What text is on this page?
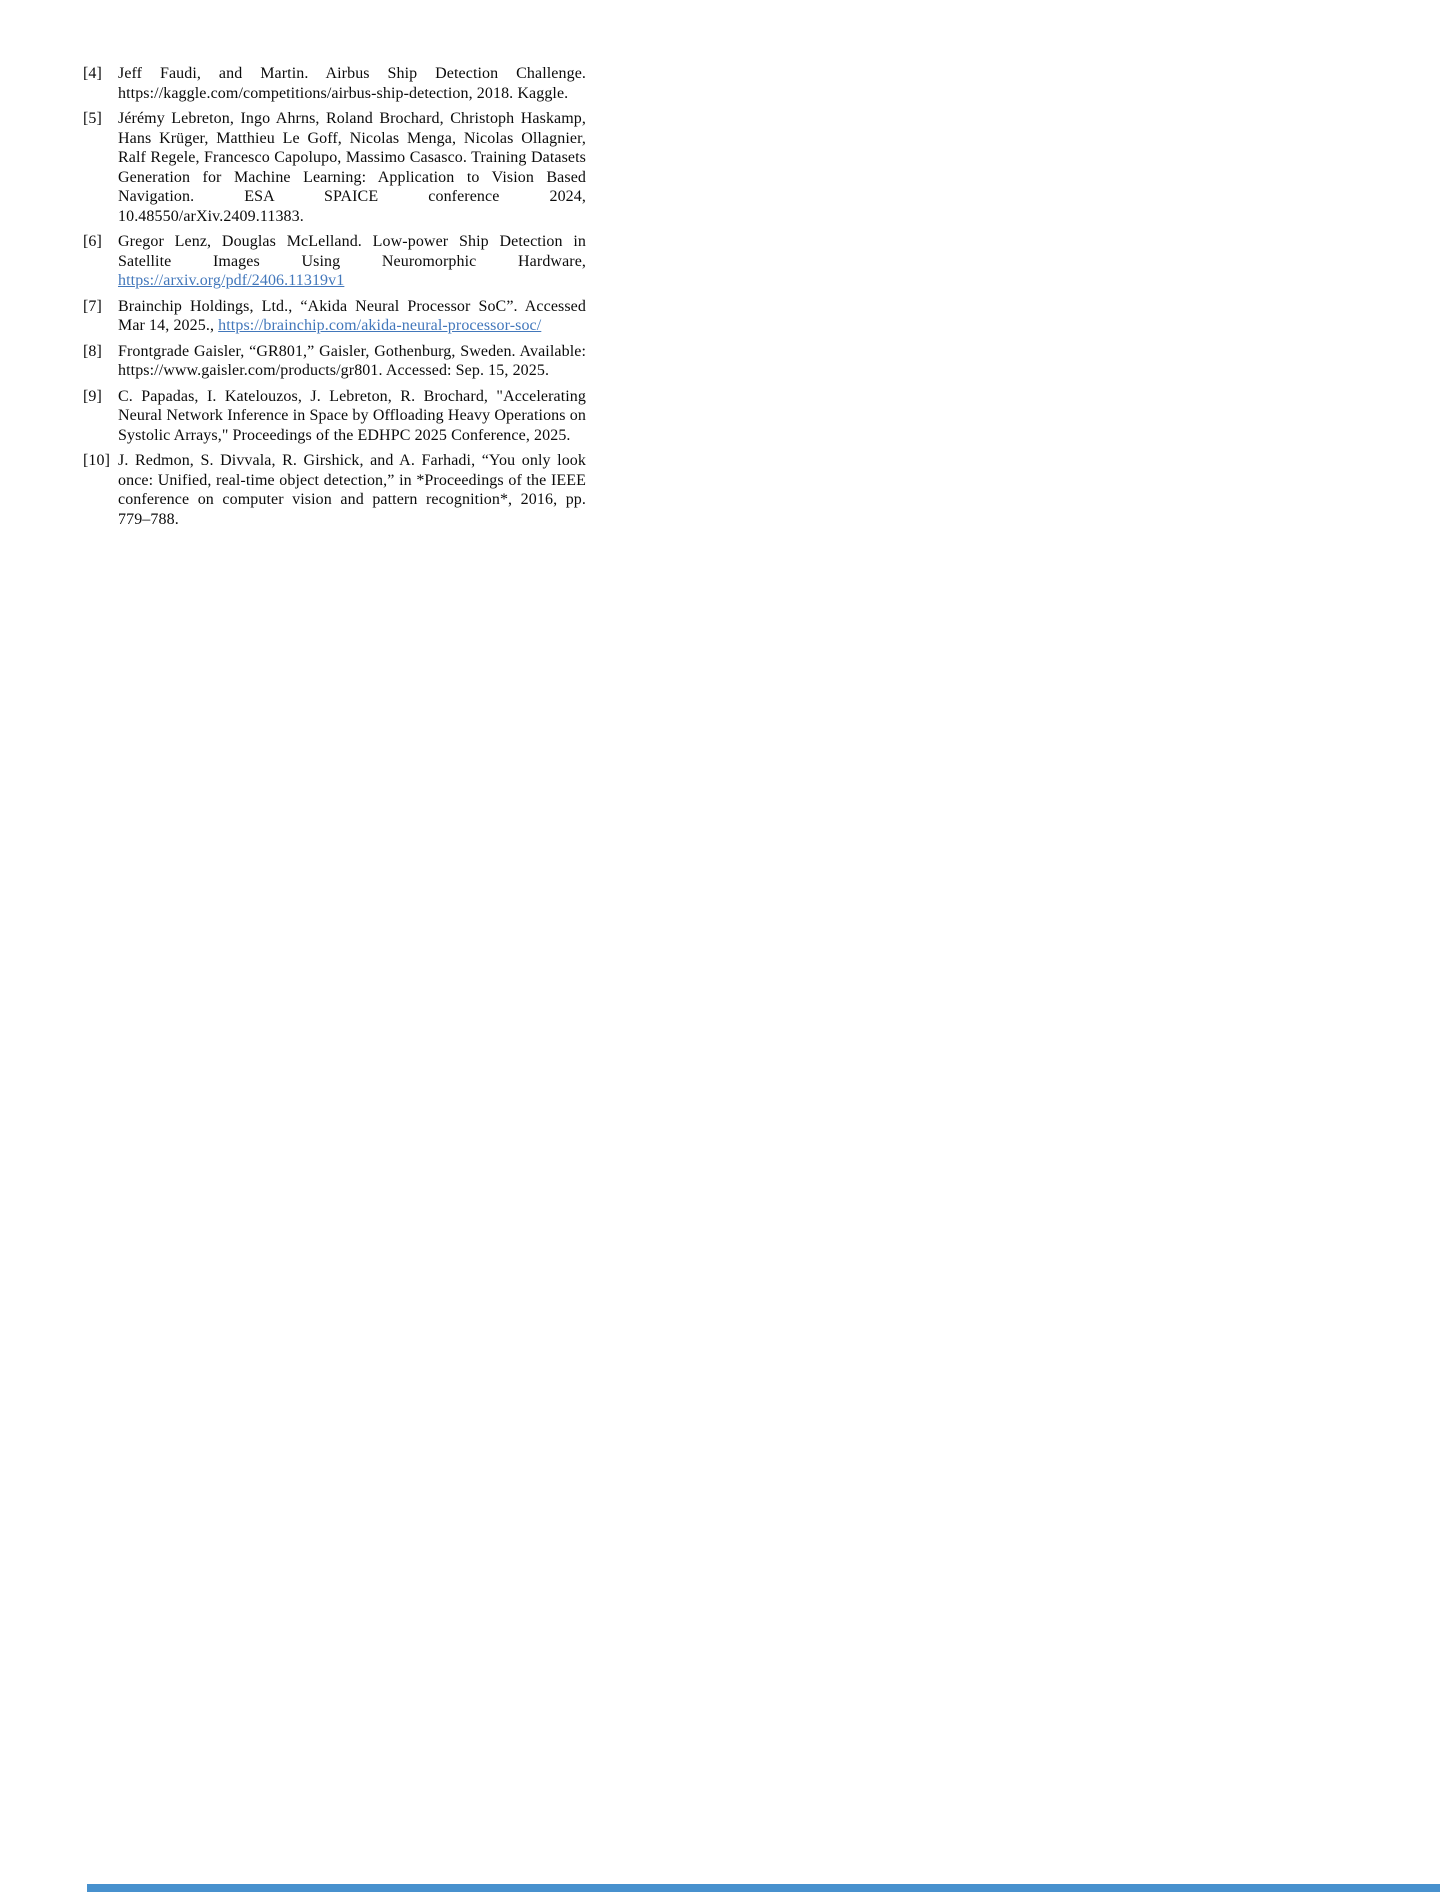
[4] Jeff Faudi, and Martin. Airbus Ship Detection Challenge. https://kaggle.com/competitions/airbus-ship-detection, 2018. Kaggle.

[5] Jérémy Lebreton, Ingo Ahrns, Roland Brochard, Christoph Haskamp, Hans Krüger, Matthieu Le Goff, Nicolas Menga, Nicolas Ollagnier, Ralf Regele, Francesco Capolupo, Massimo Casasco. Training Datasets Generation for Machine Learning: Application to Vision Based Navigation. ESA SPAICE conference 2024, 10.48550/arXiv.2409.11383.

[6] Gregor Lenz, Douglas McLelland. Low-power Ship Detection in Satellite Images Using Neuromorphic Hardware, https://arxiv.org/pdf/2406.11319v1

[7] Brainchip Holdings, Ltd., “Akida Neural Processor SoC”. Accessed Mar 14, 2025., https://brainchip.com/akida-neural-processor-soc/

[8] Frontgrade Gaisler, “GR801,” Gaisler, Gothenburg, Sweden. Available: https://www.gaisler.com/products/gr801. Accessed: Sep. 15, 2025.

[9] C. Papadas, I. Katelouzos, J. Lebreton, R. Brochard, "Accelerating Neural Network Inference in Space by Offloading Heavy Operations on Systolic Arrays," Proceedings of the EDHPC 2025 Conference, 2025.

[10] J. Redmon, S. Divvala, R. Girshick, and A. Farhadi, “You only look once: Unified, real-time object detection,” in *Proceedings of the IEEE conference on computer vision and pattern recognition*, 2016, pp. 779–788.
